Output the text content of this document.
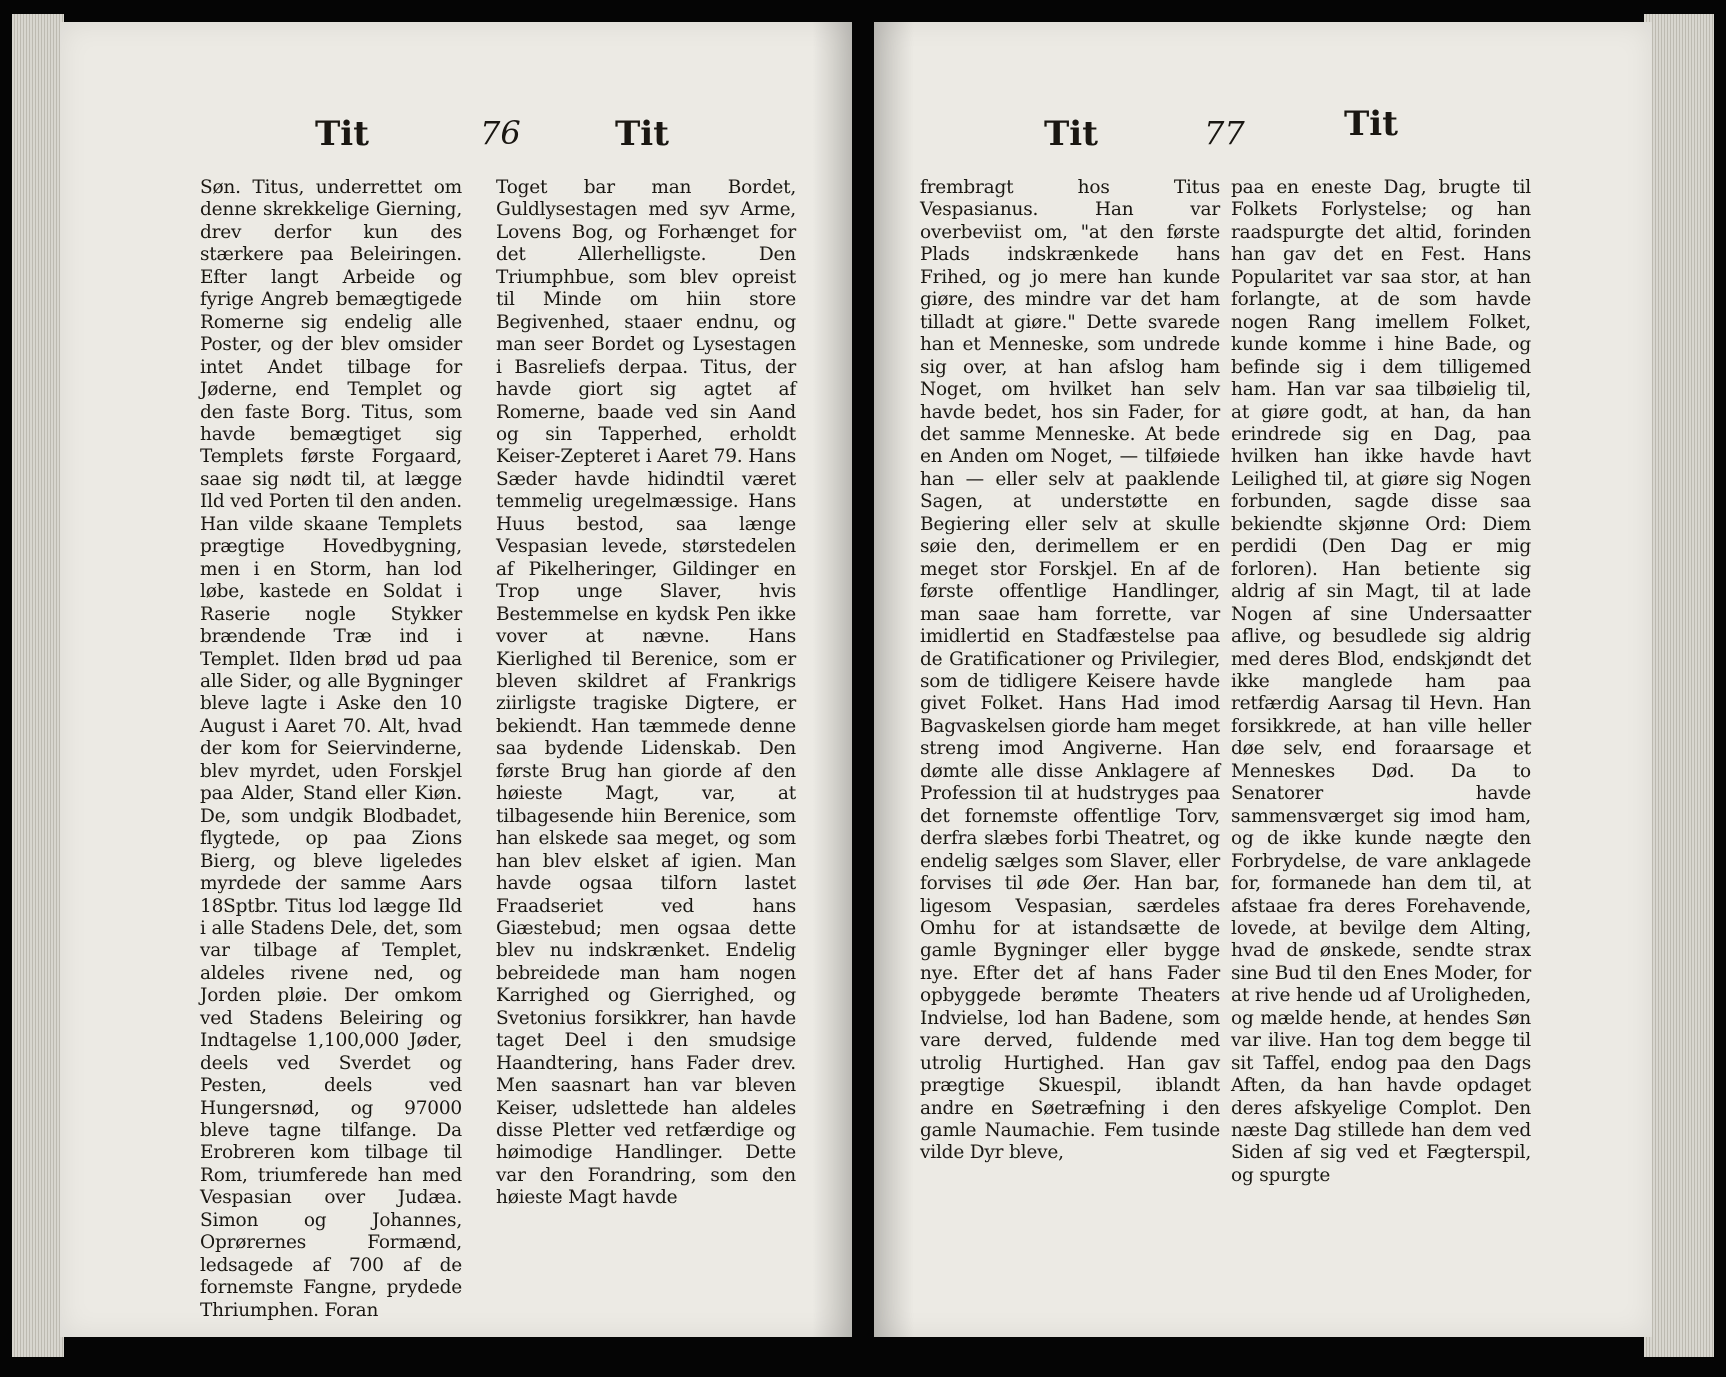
Tit	76	Tit

Søn. Titus, underrettet om denne skrekkelige Gierning, drev derfor kun des stærkere paa Beleiringen. Efter langt Arbeide og fyrige Angreb bemægtigede Romerne sig endelig alle Poster, og der blev omsider intet Andet tilbage for Jøderne, end Templet og den faste Borg. Titus, som havde bemægtiget sig Templets første Forgaard, saae sig nødt til, at lægge Ild ved Porten til den anden. Han vilde skaane Templets prægtige Hovedbygning, men i en Storm, han lod løbe, kastede en Soldat i Raserie nogle Stykker brændende Træ ind i Templet. Ilden brød ud paa alle Sider, og alle Bygninger bleve lagte i Aske den 10 August i Aaret 70. Alt, hvad der kom for Seiervinderne, blev myrdet, uden Forskjel paa Alder, Stand eller Kiøn. De, som undgik Blodbadet, flygtede, op paa Zions Bierg, og bleve ligeledes myrdede der samme Aars 18Sptbr. Titus lod lægge Ild i alle Stadens Dele, det, som var tilbage af Templet, aldeles rivene ned, og Jorden pløie. Der omkom ved Stadens Beleiring og Indtagelse 1,100,000 Jøder, deels ved Sverdet og Pesten, deels ved Hungersnød, og 97000 bleve tagne tilfange. Da Erobreren kom tilbage til Rom, triumferede han med Vespasian over Judæa. Simon og Johannes, Oprørernes Formænd, ledsagede af 700 af de fornemste Fangne, prydede Thriumphen. Foran

Toget bar man Bordet, Guldlysestagen med syv Arme, Lovens Bog, og Forhænget for det Allerhelligste. Den Triumphbue, som blev opreist til Minde om hiin store Begivenhed, staaer endnu, og man seer Bordet og Lysestagen i Basreliefs derpaa. Titus, der havde giort sig agtet af Romerne, baade ved sin Aand og sin Tapperhed, erholdt Keiser-Zepteret i Aaret 79. Hans Sæder havde hidindtil været temmelig uregelmæssige. Hans Huus bestod, saa længe Vespasian levede, størstedelen af Pikelheringer, Gildinger en Trop unge Slaver, hvis Bestemmelse en kydsk Pen ikke vover at nævne. Hans Kierlighed til Berenice, som er bleven skildret af Frankrigs ziirligste tragiske Digtere, er bekiendt. Han tæmmede denne saa bydende Lidenskab. Den første Brug han giorde af den høieste Magt, var, at tilbagesende hiin Berenice, som han elskede saa meget, og som han blev elsket af igien. Man havde ogsaa tilforn lastet Fraadseriet ved hans Giæstebud; men ogsaa dette blev nu indskrænket. Endelig bebreidede man ham nogen Karrighed og Gierrighed, og Svetonius forsikkrer, han havde taget Deel i den smudsige Haandtering, hans Fader drev. Men saasnart han var bleven Keiser, udslettede han aldeles disse Pletter ved retfærdige og høimodige Handlinger. Dette var den Forandring, som den høieste Magt havde

Tit	77	Tit

frembragt hos Titus Vespasianus. Han var overbeviist om, "at den første Plads indskrænkede hans Frihed, og jo mere han kunde giøre, des mindre var det ham tilladt at giøre." Dette svarede han et Menneske, som undrede sig over, at han afslog ham Noget, om hvilket han selv havde bedet, hos sin Fader, for det samme Menneske. At bede en Anden om Noget, — tilføiede han — eller selv at paaklende Sagen, at understøtte en Begiering eller selv at skulle søie den, derimellem er en meget stor Forskjel. En af de første offentlige Handlinger, man saae ham forrette, var imidlertid en Stadfæstelse paa de Gratificationer og Privilegier, som de tidligere Keisere havde givet Folket. Hans Had imod Bagvaskelsen giorde ham meget streng imod Angiverne. Han dømte alle disse Anklagere af Profession til at hudstryges paa det fornemste offentlige Torv, derfra slæbes forbi Theatret, og endelig sælges som Slaver, eller forvises til øde Øer. Han bar, ligesom Vespasian, særdeles Omhu for at istandsætte de gamle Bygninger eller bygge nye. Efter det af hans Fader opbyggede berømte Theaters Indvielse, lod han Badene, som vare derved, fuldende med utrolig Hurtighed. Han gav prægtige Skuespil, iblandt andre en Søetræfning i den gamle Naumachie. Fem tusinde vilde Dyr bleve,

paa en eneste Dag, brugte til Folkets Forlystelse; og han raadspurgte det altid, forinden han gav det en Fest. Hans Popularitet var saa stor, at han forlangte, at de som havde nogen Rang imellem Folket, kunde komme i hine Bade, og befinde sig i dem tilligemed ham. Han var saa tilbøielig til, at giøre godt, at han, da han erindrede sig en Dag, paa hvilken han ikke havde havt Leilighed til, at giøre sig Nogen forbunden, sagde disse saa bekiendte skjønne Ord: Diem perdidi (Den Dag er mig forloren). Han betiente sig aldrig af sin Magt, til at lade Nogen af sine Undersaatter aflive, og besudlede sig aldrig med deres Blod, endskjøndt det ikke manglede ham paa retfærdig Aarsag til Hevn. Han forsikkrede, at han ville heller døe selv, end foraarsage et Menneskes Død. Da to Senatorer havde sammensværget sig imod ham, og de ikke kunde nægte den Forbrydelse, de vare anklagede for, formanede han dem til, at afstaae fra deres Forehavende, lovede, at bevilge dem Alting, hvad de ønskede, sendte strax sine Bud til den Enes Moder, for at rive hende ud af Uroligheden, og mælde hende, at hendes Søn var ilive. Han tog dem begge til sit Taffel, endog paa den Dags Aften, da han havde opdaget deres afskyelige Complot. Den næste Dag stillede han dem ved Siden af sig ved et Fægterspil, og spurgte
